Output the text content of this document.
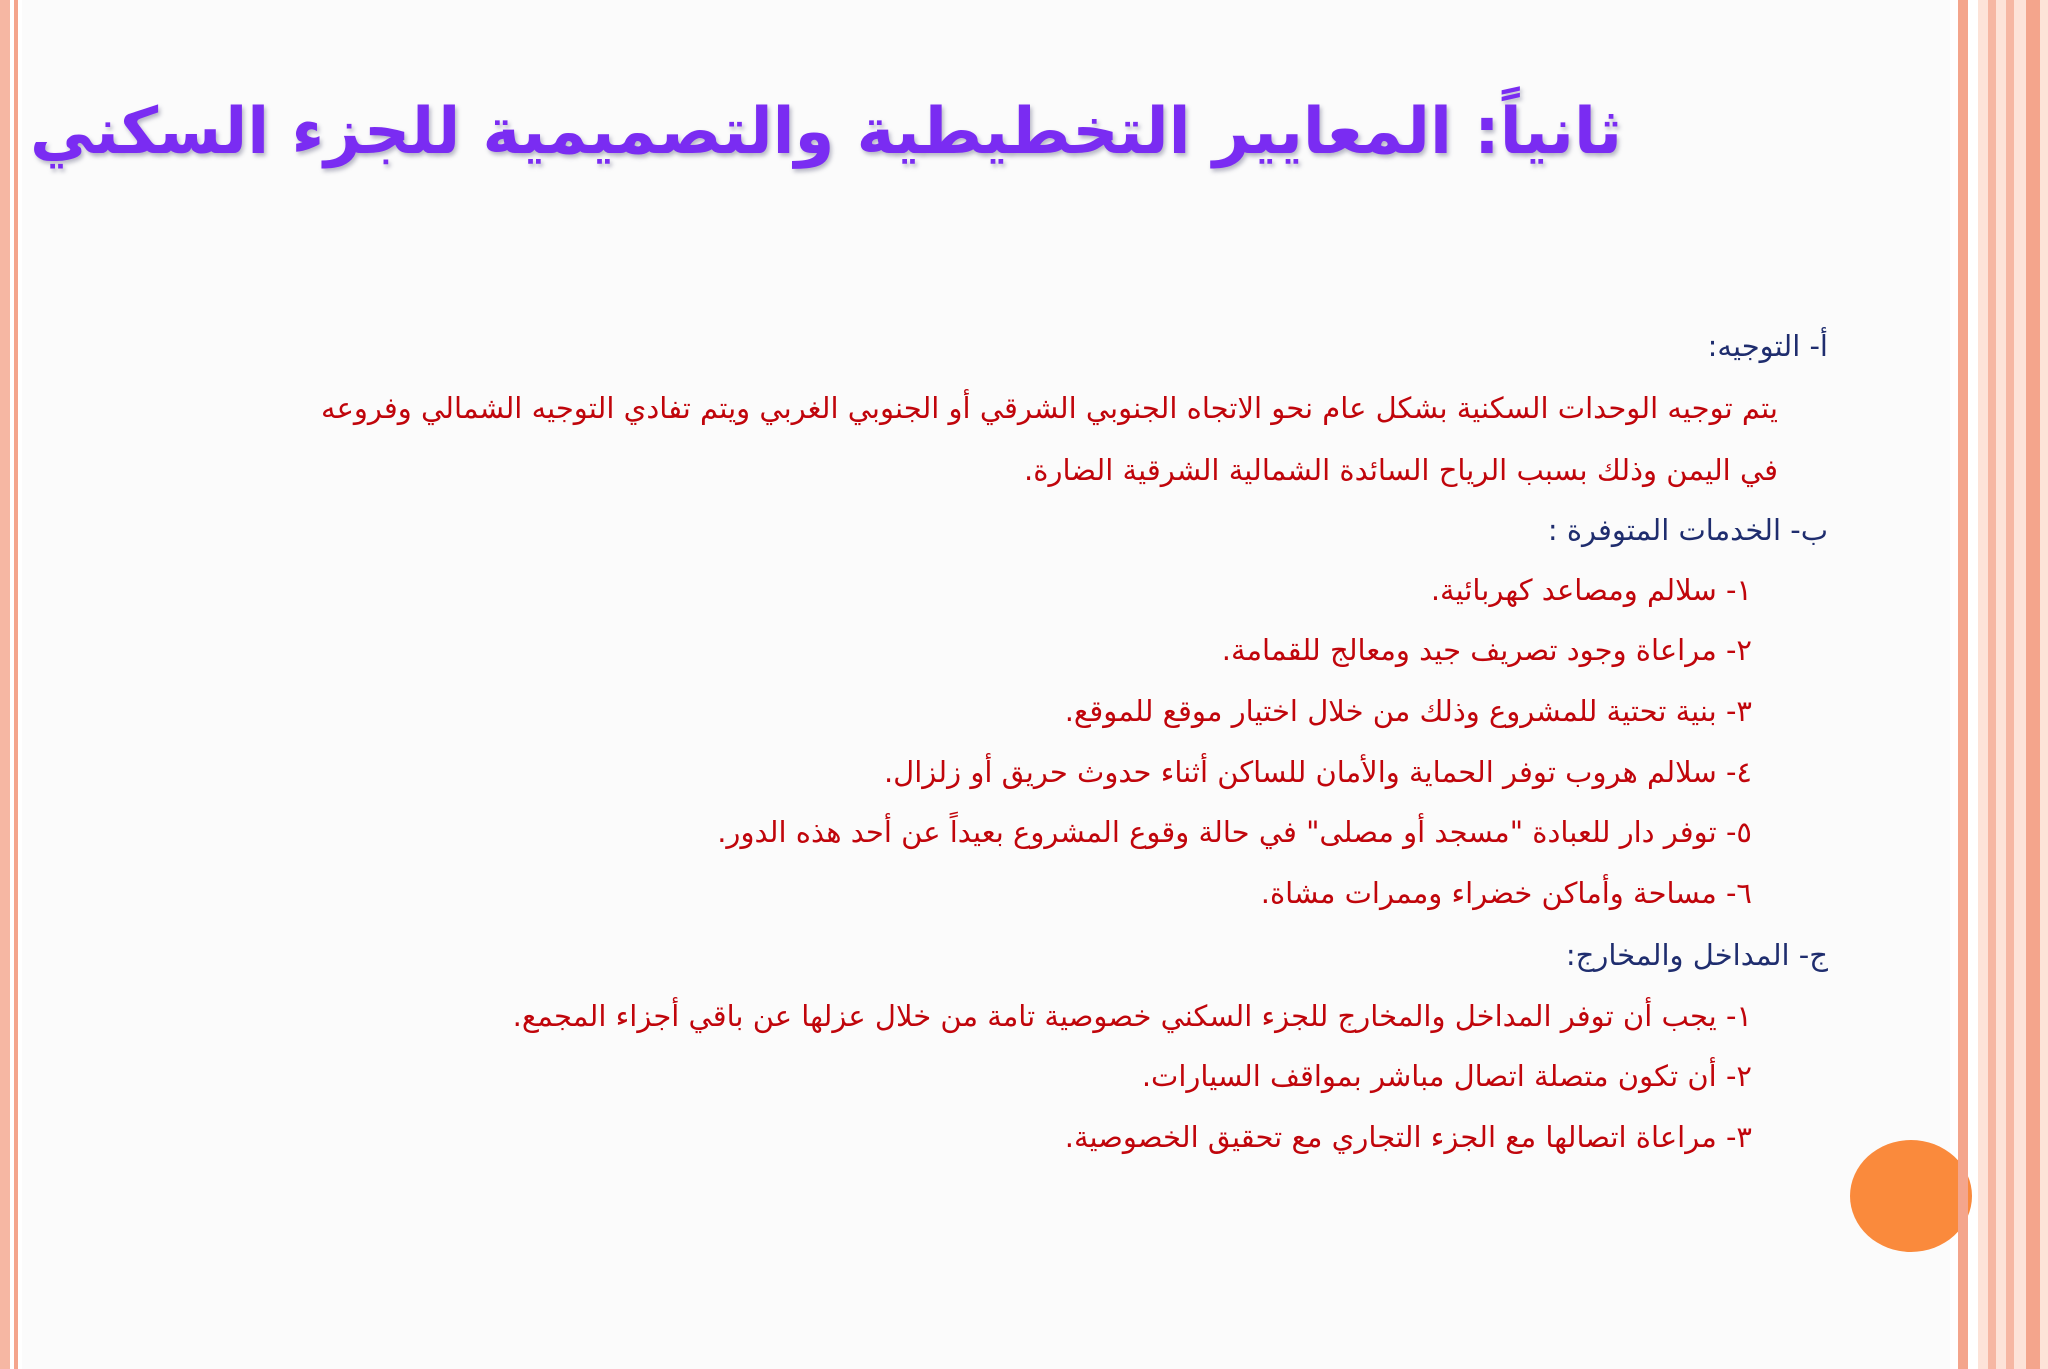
ثانياً: المعايير التخطيطية والتصميمية للجزء السكني
أ- التوجيه:
يتم توجيه الوحدات السكنية بشكل عام نحو الاتجاه الجنوبي الشرقي أو الجنوبي الغربي ويتم تفادي التوجيه الشمالي وفروعه
في اليمن وذلك بسبب الرياح السائدة الشمالية الشرقية الضارة.
ب- الخدمات المتوفرة :
١- سلالم ومصاعد كهربائية.
٢- مراعاة وجود تصريف جيد ومعالج للقمامة.
٣- بنية تحتية للمشروع وذلك من خلال اختيار موقع للموقع.
٤- سلالم هروب توفر الحماية والأمان للساكن أثناء حدوث حريق أو زلزال.
٥- توفر دار للعبادة "مسجد أو مصلى" في حالة وقوع المشروع بعيداً عن أحد هذه الدور.
٦- مساحة وأماكن خضراء وممرات مشاة.
ج- المداخل والمخارج:
١- يجب أن توفر المداخل والمخارج للجزء السكني خصوصية تامة من خلال عزلها عن باقي أجزاء المجمع.
٢- أن تكون متصلة اتصال مباشر بمواقف السيارات.
٣- مراعاة اتصالها مع الجزء التجاري مع تحقيق الخصوصية.
